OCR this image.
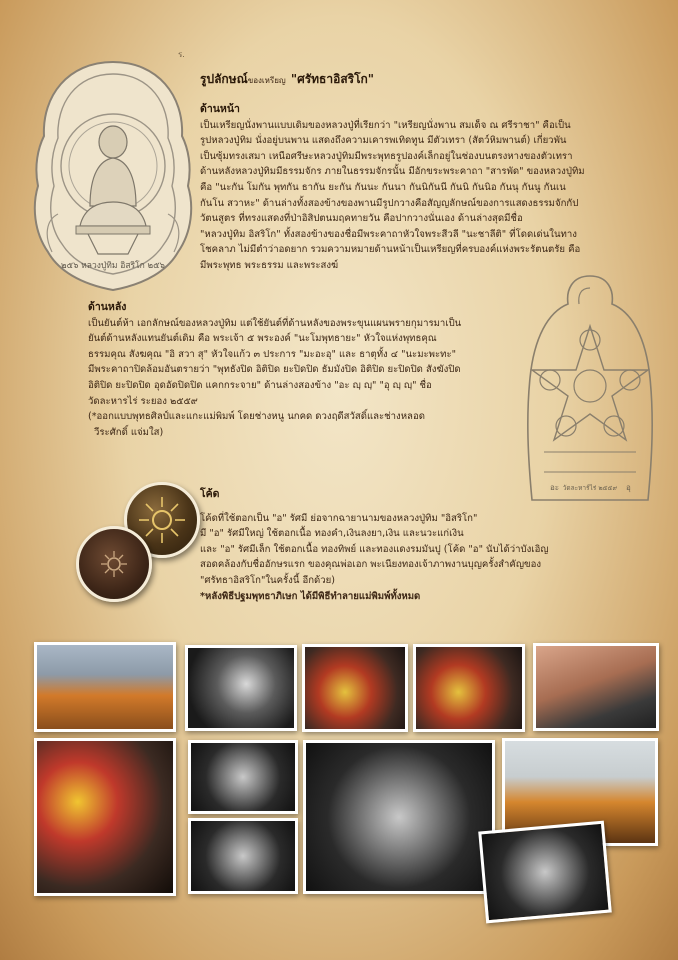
๒๕๖ หลวงปู่ทิม อิสริโก ๒๕๖
ร.
รูปลักษณ์ของเหรียญ "ศรัทธาอิสริโก"
ด้านหน้า
เป็นเหรียญนั่งพานแบบเดิมของหลวงปู่ที่เรียกว่า "เหรียญนั่งพาน สมเด็จ ณ ศรีราชา" คือเป็น
รูปหลวงปู่ทิม นั่งอยู่บนพาน แสดงถึงความเคารพเทิดทูน มีตัวเทรา (สัตว์หิมพานต์) เกี่ยวพัน
เป็นซุ้มทรงเสมา เหนือศรีษะหลวงปู่ทิมมีพระพุทธรูปองค์เล็กอยู่ในช่องบนตรงหางของตัวเทรา
ด้านหลังหลวงปู่ทิมมีธรรมจักร ภายในธรรมจักรนั้น มีอักขระพระคาถา "สารพัด" ของหลวงปู่ทิม
คือ "นะกัน โมกัน พุทกัน ธากัน ยะกัน กันนะ กันนา กันนิกันนี กันนิ กันนิอ กันนุ กันนู กันเน
กันโน สวาหะ" ด้านล่างทั้งสองข้างของพานมีรูปกวางคือสัญญลักษณ์ของการแสดงธรรมจักกัป
วัตนสูตร ที่ทรงแสดงที่ป่าอิสิปตนมฤคทายวัน คือปากวางนั่นเอง ด้านล่างสุดมีชื่อ
"หลวงปู่ทิม อิสริโก" ทั้งสองข้างของชื่อมีพระคาถาหัวใจพระสีวลี "นะชาลีติ" ที่โดดเด่นในทาง
โชคลาภ ไม่มีตำว่าอดยาก รวมความหมายด้านหน้าเป็นเหรียญที่ครบองค์แห่งพระรัตนตรัย คือ
มีพระพุทธ พระธรรม และพระสงฆ์
ด้านหลัง
เป็นยันต์ห้า เอกลักษณ์ของหลวงปู่ทิม แต่ใช้ยันต์ที่ด้านหลังของพระขุนแผนพรายกุมารมาเป็น
ยันต์ด้านหลังแทนยันต์เดิม คือ พระเจ้า ๕ พระองค์ "นะโมพุทธายะ" หัวใจแห่งพุทธคุณ
ธรรมคุณ สังฆคุณ "อิ สวา สุ" หัวใจแก้ว ๓ ประการ "มะอะอุ" และ ธาตุทั้ง ๔ "นะมะพะทะ"
มีพระคาถาปิดล้อมอันตรายว่า "พุทธังปิด อิติปิด ยะปิดปิด ธัมมังปิด อิติปิด ยะปิดปิด สังฆังปิด
อิติปิด ยะปิดปิด อุดอัดปิดปิด แคกกระจาย" ด้านล่างสองข้าง "อะ ญฺ ญฺ" "อุ ญฺ ญฺ" ชื่อ
วัดละหารไร่ ระยอง ๒๕๕๙
(*ออกแบบพุทธศิลป์และแกะแม่พิมพ์ โดยช่างหนู นกคด ดวงฤดีสวัสดิ์และช่างหลอด
วีระศักดิ์ แจ่มใส)
อะ	อุ
วัดละหาร์ไร่ ๒๕๕๙
โค้ด
โค้ดที่ใช้ตอกเป็น "อ" รัศมี ย่อจากฉายานามของหลวงปู่ทิม "อิสริโก"
มี "อ" รัศมีใหญ่ ใช้ตอกเนื้อ ทองคำ,เงินลงยา,เงิน และนวะแก่เงิน
และ "อ" รัศมีเล็ก ใช้ตอกเนื้อ ทองทิพย์ และทองแดงรมมันปู (โค้ด "อ" นับได้ว่าบังเอิญ
สอดคล้องกับชื่ออักษรแรก ของคุณพ่อเอก พะเนียงทองเจ้าภาพงานบุญครั้งสำคัญของ
"ศรัทธาอิสริโก"ในครั้งนี้ อีกด้วย)
*หลังพิธีปฐมพุทธาภิเษก ได้มีพิธีทำลายแม่พิมพ์ทั้งหมด
